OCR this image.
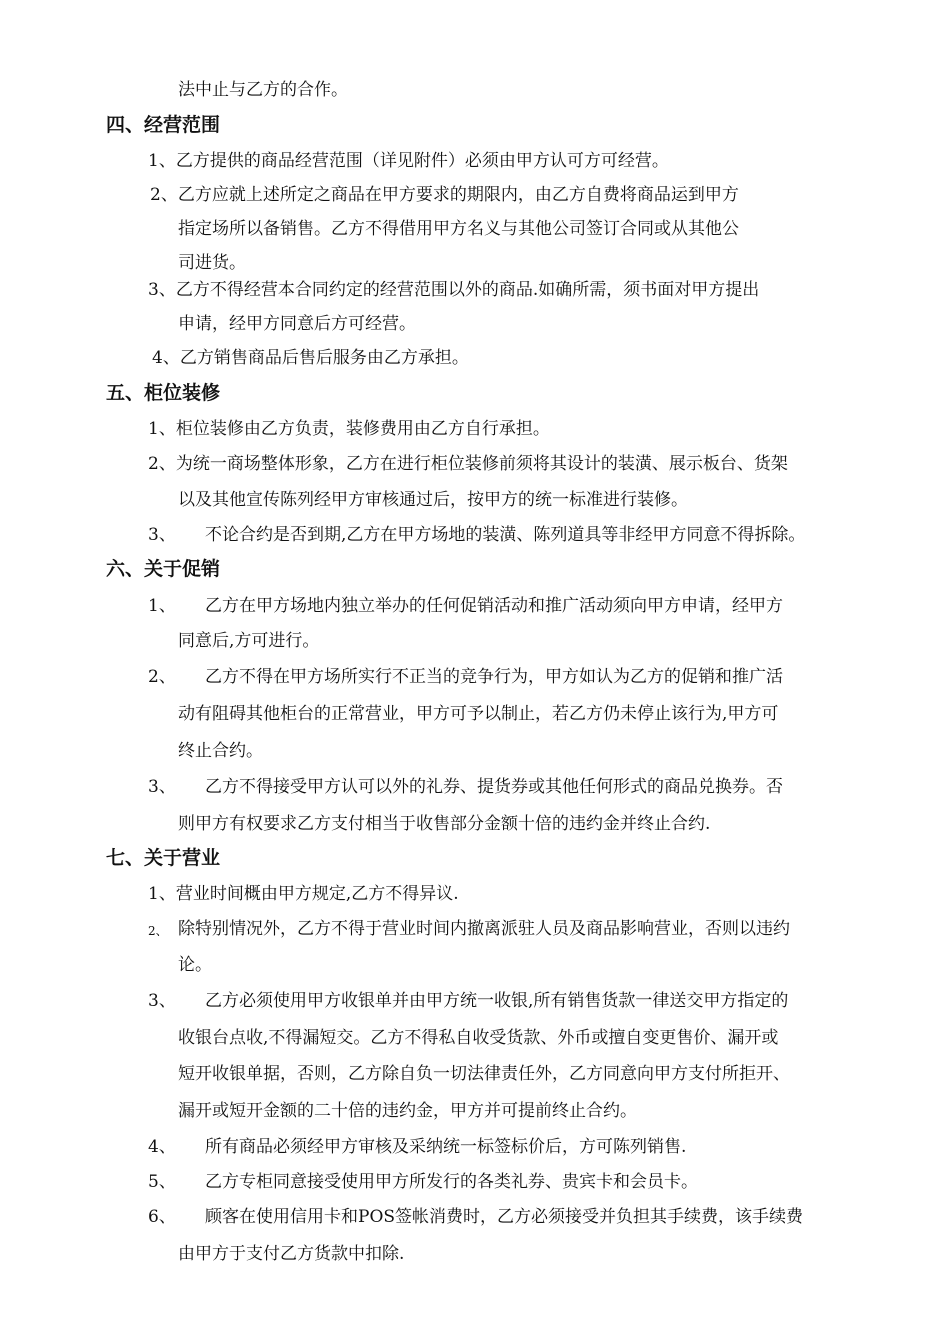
法中止与乙方的合作。
四、经营范围
1、乙方提供的商品经营范围（详见附件）必须由甲方认可方可经营。
2、乙方应就上述所定之商品在甲方要求的期限内，由乙方自费将商品运到甲方
指定场所以备销售。乙方不得借用甲方名义与其他公司签订合同或从其他公
司进货。
3、乙方不得经营本合同约定的经营范围以外的商品.如确所需，须书面对甲方提出
申请，经甲方同意后方可经营。
4、乙方销售商品后售后服务由乙方承担。
五、柜位装修
1、柜位装修由乙方负责，装修费用由乙方自行承担。
2、为统一商场整体形象，乙方在进行柜位装修前须将其设计的装潢、展示板台、货架
以及其他宣传陈列经甲方审核通过后，按甲方的统一标准进行装修。
3、 不论合约是否到期,乙方在甲方场地的装潢、陈列道具等非经甲方同意不得拆除。
六、关于促销
1、 乙方在甲方场地内独立举办的任何促销活动和推广活动须向甲方申请，经甲方
同意后,方可进行。
2、 乙方不得在甲方场所实行不正当的竞争行为，甲方如认为乙方的促销和推广活
动有阻碍其他柜台的正常营业，甲方可予以制止，若乙方仍未停止该行为,甲方可
终止合约。
3、 乙方不得接受甲方认可以外的礼券、提货券或其他任何形式的商品兑换券。否
则甲方有权要求乙方支付相当于收售部分金额十倍的违约金并终止合约.
七、关于营业
1、营业时间概由甲方规定,乙方不得异议.
2、 除特别情况外，乙方不得于营业时间内撤离派驻人员及商品影响营业，否则以违约
论。
3、 乙方必须使用甲方收银单并由甲方统一收银,所有销售货款一律送交甲方指定的
收银台点收,不得漏短交。乙方不得私自收受货款、外币或擅自变更售价、漏开或
短开收银单据，否则，乙方除自负一切法律责任外，乙方同意向甲方支付所拒开、
漏开或短开金额的二十倍的违约金，甲方并可提前终止合约。
4、 所有商品必须经甲方审核及采纳统一标签标价后，方可陈列销售.
5、 乙方专柜同意接受使用甲方所发行的各类礼券、贵宾卡和会员卡。
6、 顾客在使用信用卡和POS签帐消费时，乙方必须接受并负担其手续费，该手续费
由甲方于支付乙方货款中扣除.
